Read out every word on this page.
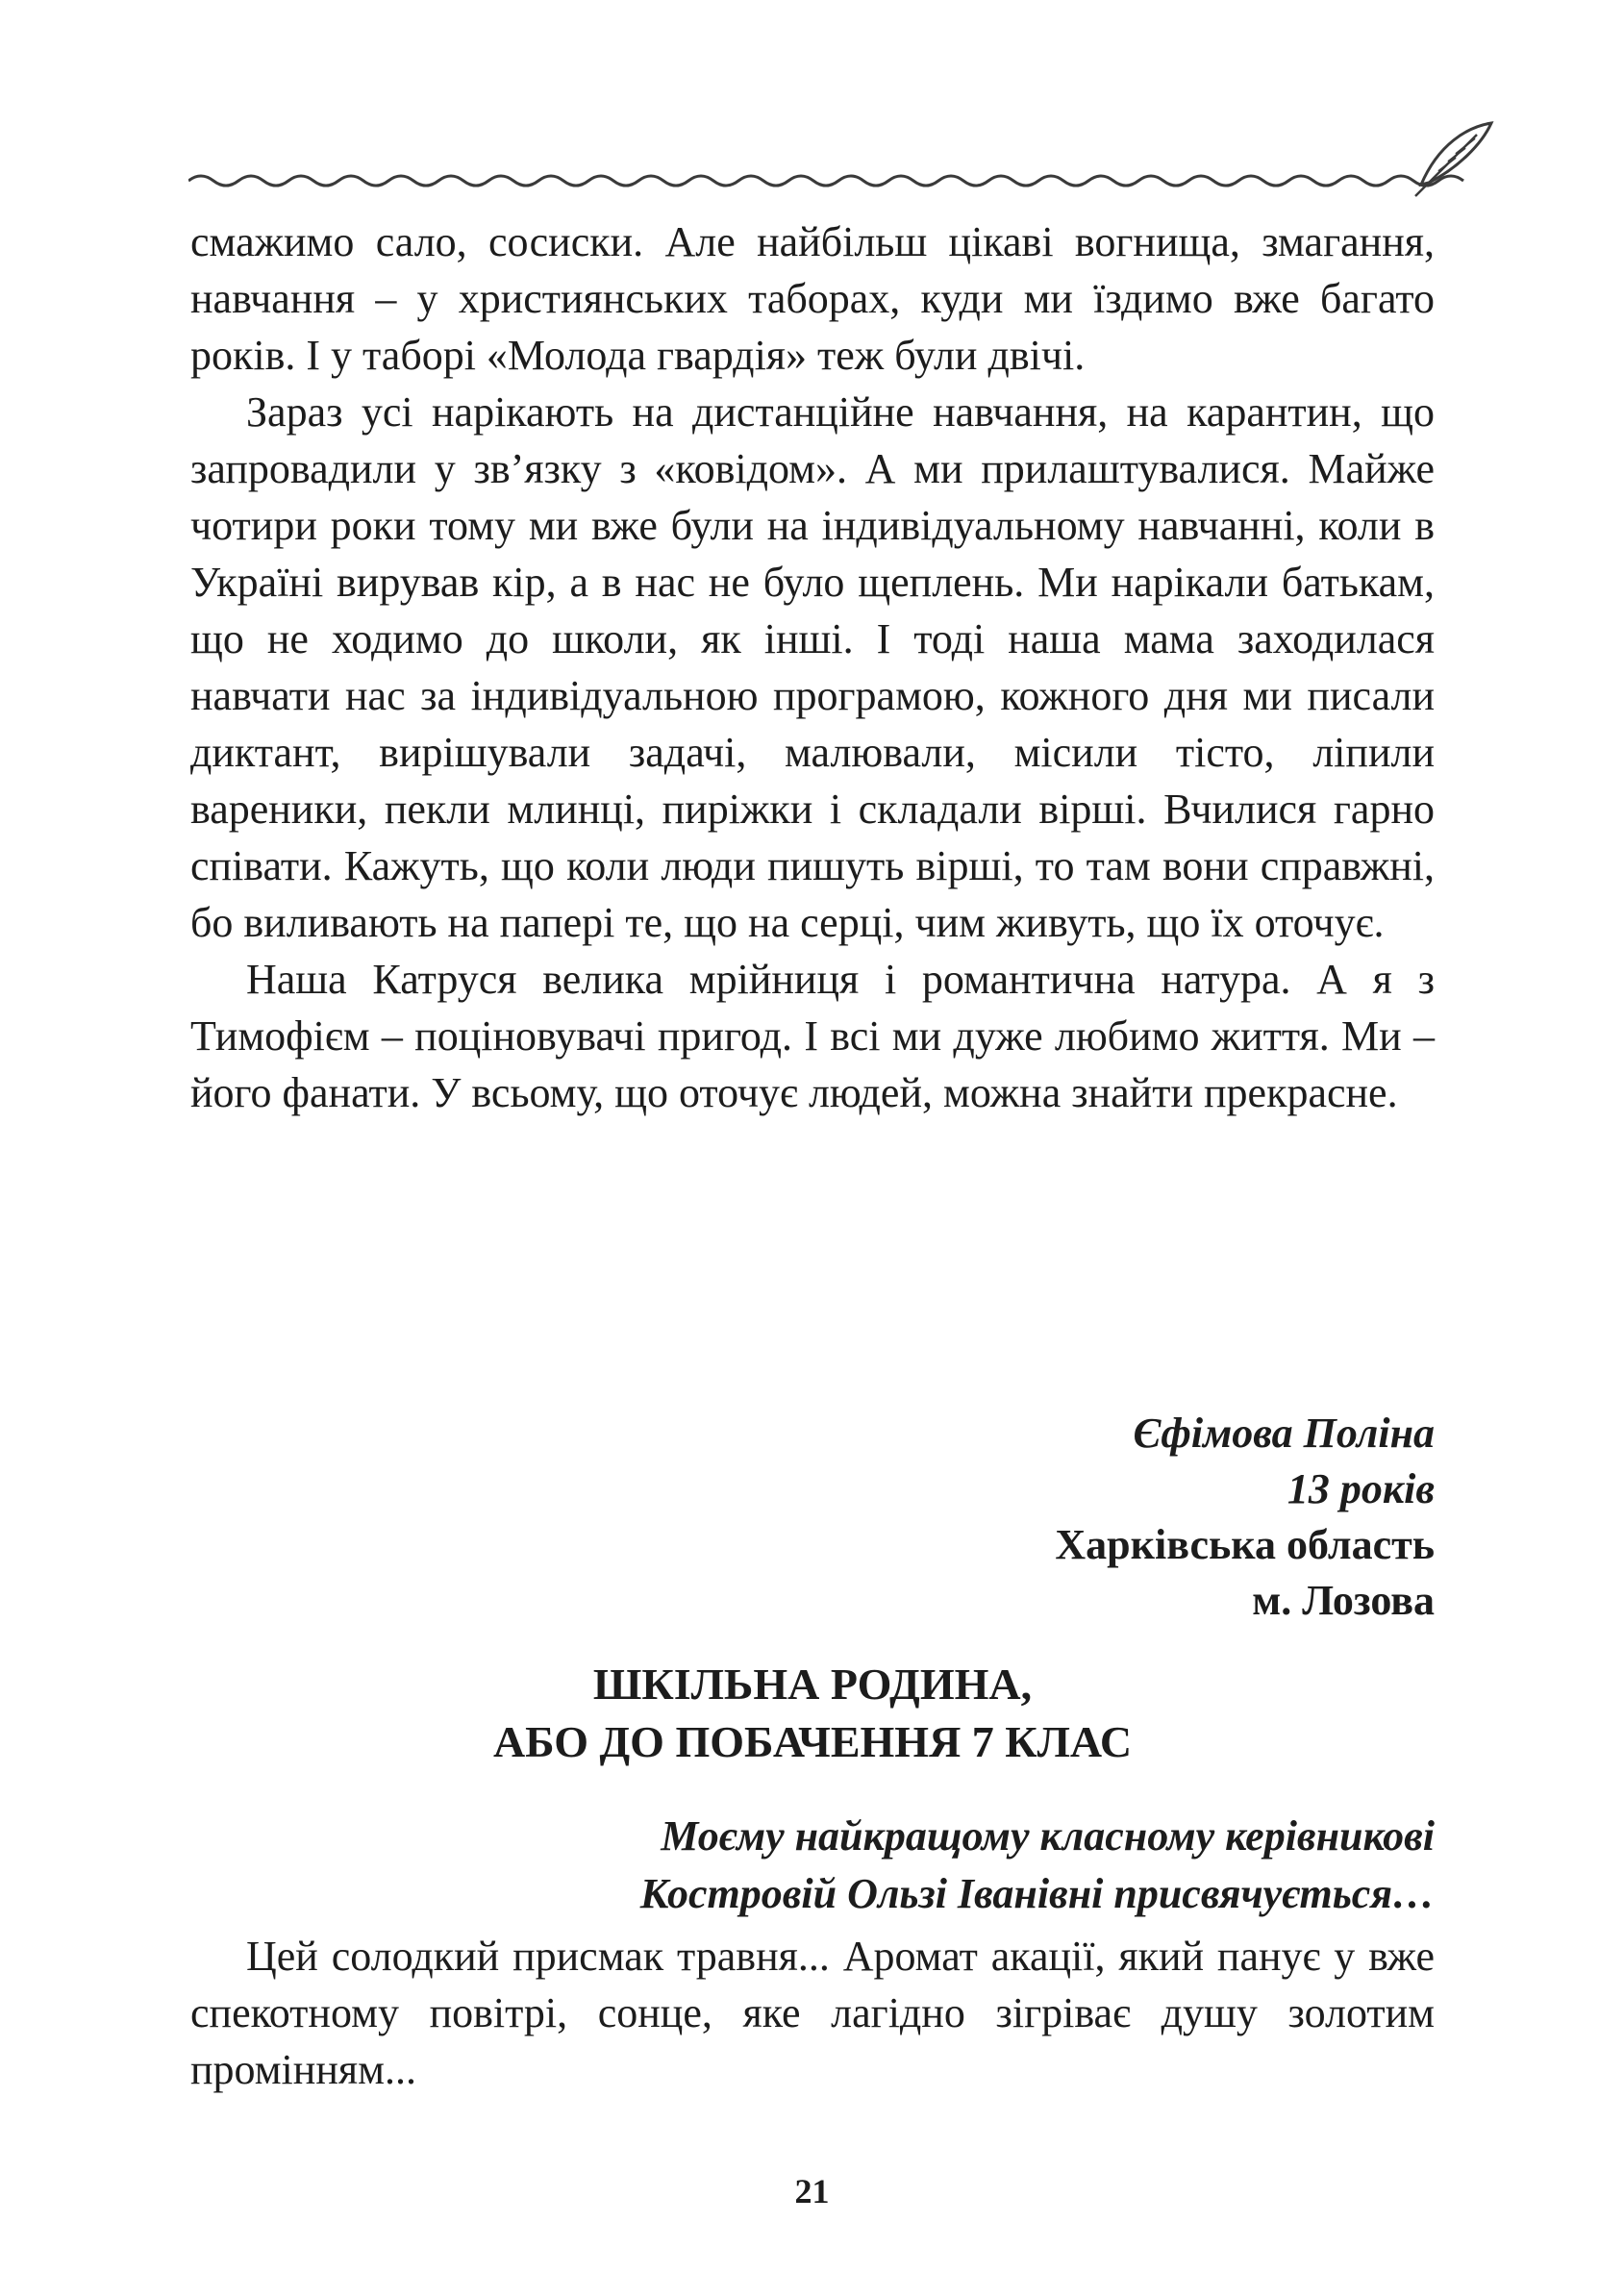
смажимо сало, сосиски. Але найбільш цікаві вогнища, змагання, навчання – у християнських таборах, куди ми їздимо вже багато років. І у таборі «Молода гвардія» теж були двічі.

Зараз усі нарікають на дистанційне навчання, на карантин, що запровадили у зв’язку з «ковідом». А ми прилаштувалися. Майже чотири роки тому ми вже були на індивідуальному навчанні, коли в Україні вирував кір, а в нас не було щеплень. Ми нарікали батькам, що не ходимо до школи, як інші. І тоді наша мама заходилася навчати нас за індивідуальною програмою, кожного дня ми писали диктант, вирішували задачі, малювали, місили тісто, ліпили вареники, пекли млинці, пиріжки і складали вірші. Вчилися гарно співати. Кажуть, що коли люди пишуть вірші, то там вони справжні, бо виливають на папері те, що на серці, чим живуть, що їх оточує.

Наша Катруся велика мрійниця і романтична натура. А я з Тимофієм – поціновувачі пригод. І всі ми дуже любимо життя. Ми – його фанати. У всьому, що оточує людей, можна знайти прекрасне.

Єфімова Поліна
13 років
Харківська область
м. Лозова
ШКІЛЬНА РОДИНА,
АБО ДО ПОБАЧЕННЯ 7 КЛАС
Моєму найкращому класному керівникові
Костровій Ользі Іванівні присвячується…

Цей солодкий присмак травня... Аромат акації, який панує у вже спекотному повітрі, сонце, яке лагідно зігріває душу золотим промінням...

21
